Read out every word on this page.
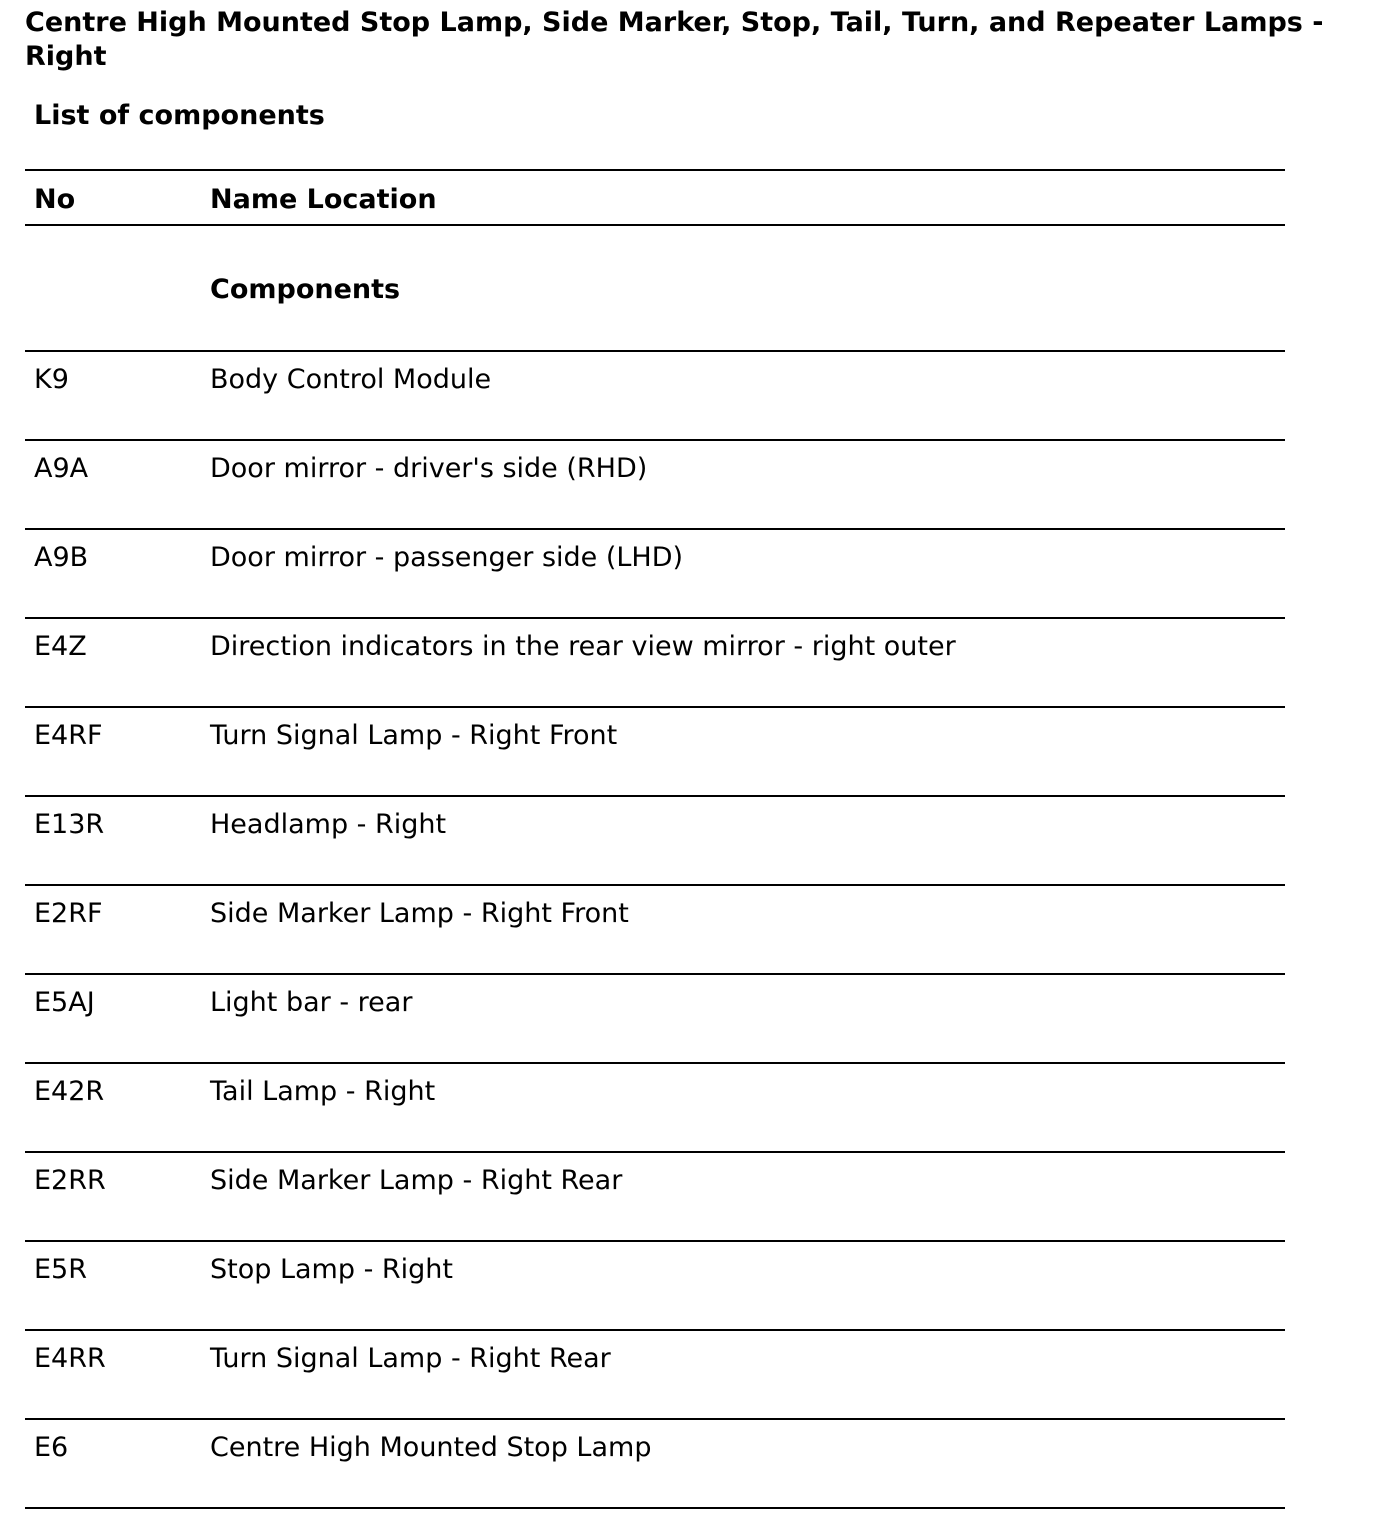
Centre High Mounted Stop Lamp, Side Marker, Stop, Tail, Turn, and Repeater Lamps - Right
List of components
No	Name Location
	Components
K9	Body Control Module
A9A	Door mirror - driver's side (RHD)
A9B	Door mirror - passenger side (LHD)
E4Z	Direction indicators in the rear view mirror - right outer
E4RF	Turn Signal Lamp - Right Front
E13R	Headlamp - Right
E2RF	Side Marker Lamp - Right Front
E5AJ	Light bar - rear
E42R	Tail Lamp - Right
E2RR	Side Marker Lamp - Right Rear
E5R	Stop Lamp - Right
E4RR	Turn Signal Lamp - Right Rear
E6	Centre High Mounted Stop Lamp
